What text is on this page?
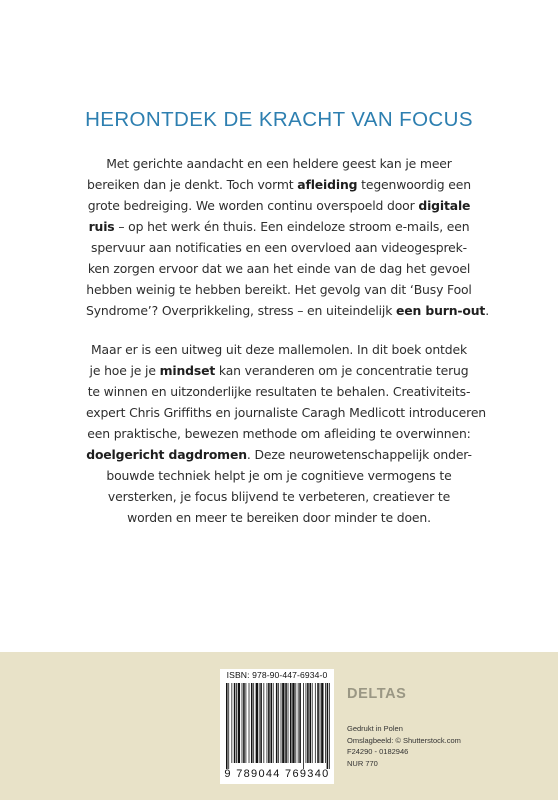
HERONTDEK DE KRACHT VAN FOCUS
Met gerichte aandacht en een heldere geest kan je meer
bereiken dan je denkt. Toch vormt afleiding tegenwoordig een
grote bedreiging. We worden continu overspoeld door digitale
ruis – op het werk én thuis. Een eindeloze stroom e-mails, een
spervuur aan notificaties en een overvloed aan videogesprek-
ken zorgen ervoor dat we aan het einde van de dag het gevoel
hebben weinig te hebben bereikt. Het gevolg van dit ‘Busy Fool
Syndrome’? Overprikkeling, stress – en uiteindelijk een burn-out.
Maar er is een uitweg uit deze mallemolen. In dit boek ontdek
je hoe je je mindset kan veranderen om je concentratie terug
te winnen en uitzonderlijke resultaten te behalen. Creativiteits-
expert Chris Griffiths en journaliste Caragh Medlicott introduceren
een praktische, bewezen methode om afleiding te overwinnen:
doelgericht dagdromen. Deze neurowetenschappelijk onder-
bouwde techniek helpt je om je cognitieve vermogens te
versterken, je focus blijvend te verbeteren, creatiever te
worden en meer te bereiken door minder te doen.
ISBN: 978-90-447-6934-0
9 789044 769340
DELTAS
Gedrukt in Polen
Omslagbeeld: © Shutterstock.com
F24290 - 0182946
NUR 770
